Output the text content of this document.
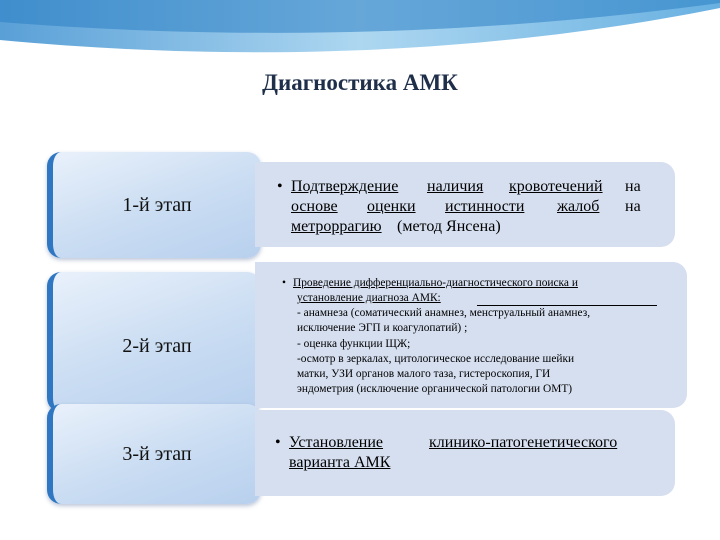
Диагностика АМК
1-й этап
2-й этап
3-й этап
• Подтверждение наличия кровотечений на
основе оценки истинности жалоб на
метроррагию (метод Янсена)
• Проведение дифференциально-диагностического поиска и
установление диагноза АМК:
- анамнеза (соматический анамнез, менструальный анамнез,
исключение ЭГП и коагулопатий) ;
- оценка функции ЩЖ;
-осмотр в зеркалах, цитологическое исследование шейки
матки, УЗИ органов малого таза, гистероскопия, ГИ
эндометрия (исключение органической патологии ОМТ)
• Установление	клинико-патогенетического
варианта АМК
